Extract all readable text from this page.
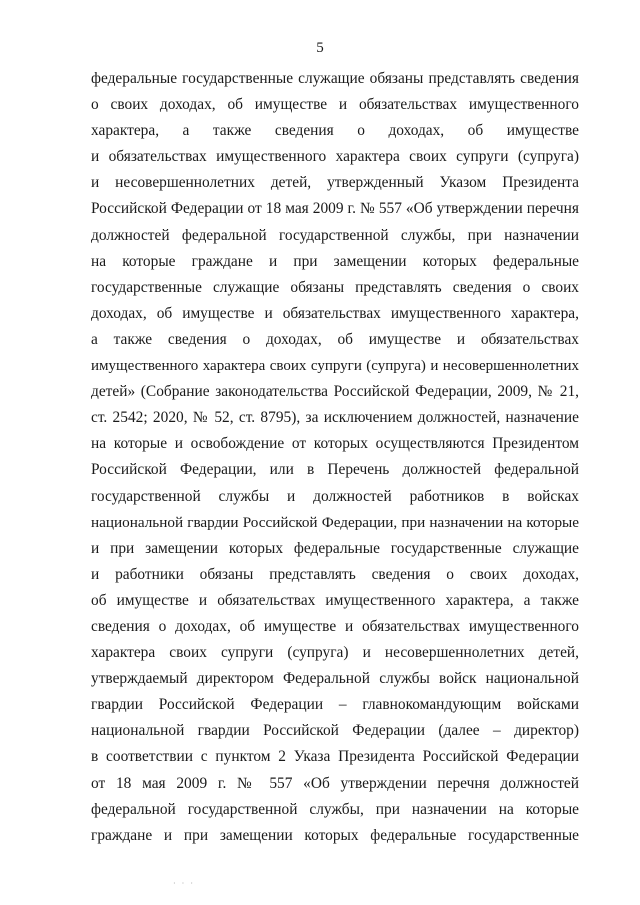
5
федеральные государственные служащие обязаны представлять сведения
о своих доходах, об имуществе и обязательствах имущественного
характера, а также сведения о доходах, об имуществе
и обязательствах имущественного характера своих супруги (супруга)
и несовершеннолетних детей, утвержденный Указом Президента
Российской Федерации от 18 мая 2009 г. № 557 «Об утверждении перечня
должностей федеральной государственной службы, при назначении
на которые граждане и при замещении которых федеральные
государственные служащие обязаны представлять сведения о своих
доходах, об имуществе и обязательствах имущественного характера,
а также сведения о доходах, об имуществе и обязательствах
имущественного характера своих супруги (супруга) и несовершеннолетних
детей» (Собрание законодательства Российской Федерации, 2009, № 21,
ст. 2542; 2020, № 52, ст. 8795), за исключением должностей, назначение
на которые и освобождение от которых осуществляются Президентом
Российской Федерации, или в Перечень должностей федеральной
государственной службы и должностей работников в войсках
национальной гвардии Российской Федерации, при назначении на которые
и при замещении которых федеральные государственные служащие
и работники обязаны представлять сведения о своих доходах,
об имуществе и обязательствах имущественного характера, а также
сведения о доходах, об имуществе и обязательствах имущественного
характера своих супруги (супруга) и несовершеннолетних детей,
утверждаемый директором Федеральной службы войск национальной
гвардии Российской Федерации – главнокомандующим войсками
национальной гвардии Российской Федерации (далее – директор)
в соответствии с пунктом 2 Указа Президента Российской Федерации
от 18 мая 2009 г. № 557 «Об утверждении перечня должностей
федеральной государственной службы, при назначении на которые
граждане и при замещении которых федеральные государственные
· · ·
